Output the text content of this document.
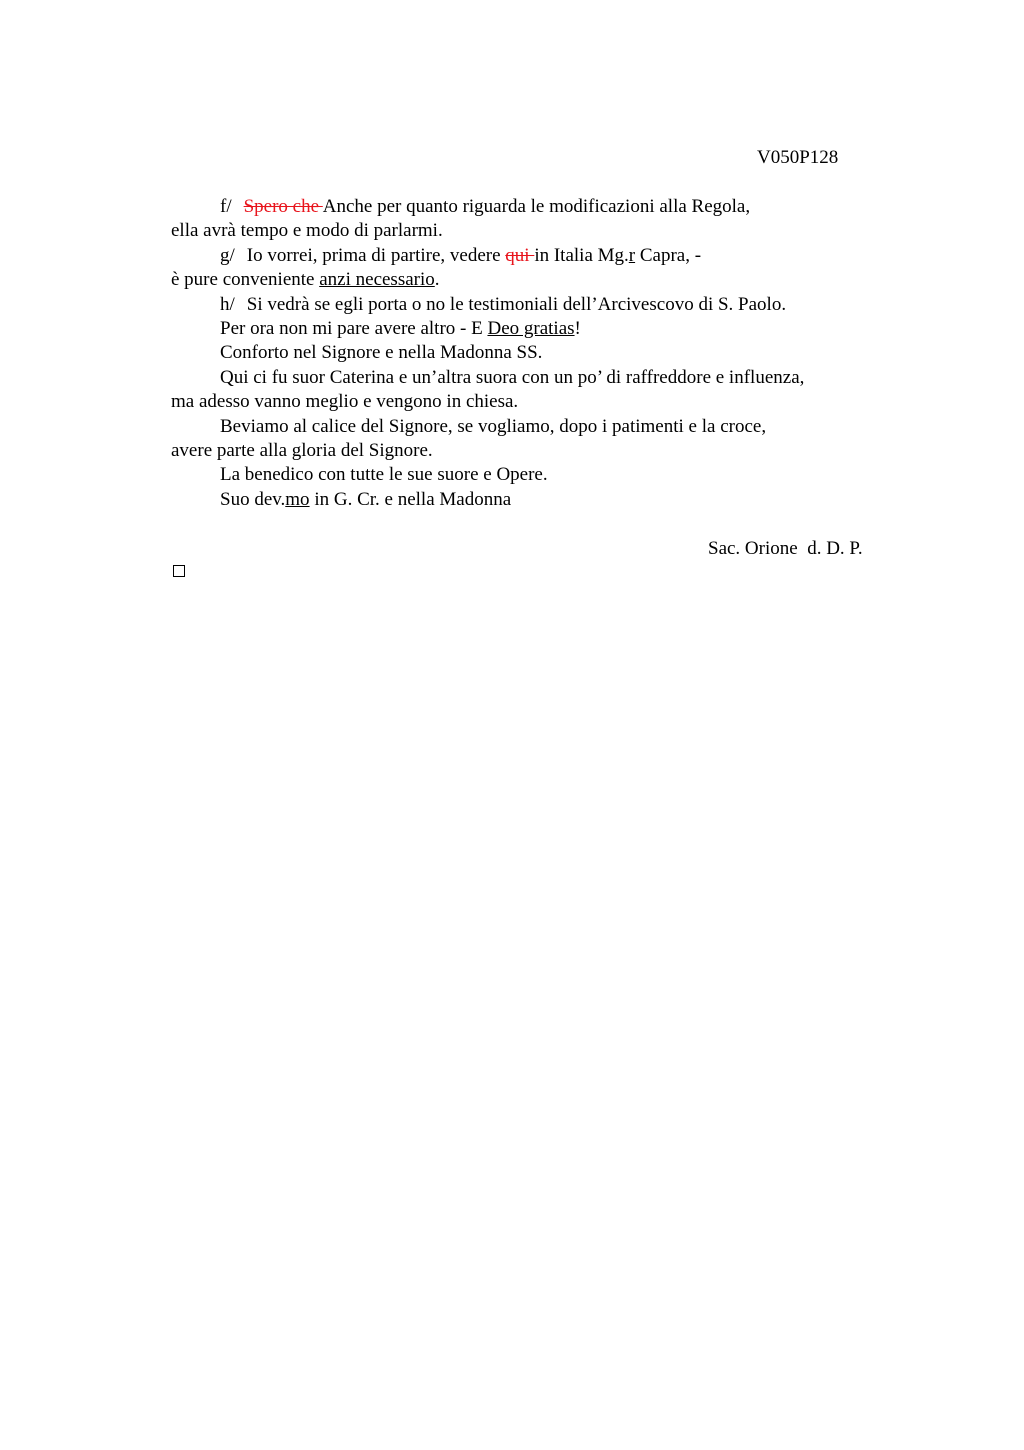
V050P128
f/ Spero che Anche per quanto riguarda le modificazioni alla Regola,
ella avrà tempo e modo di parlarmi.
g/ Io vorrei, prima di partire, vedere qui in Italia Mg.r Capra, -
è pure conveniente anzi necessario.
h/ Si vedrà se egli porta o no le testimoniali dell’Arcivescovo di S. Paolo.
Per ora non mi pare avere altro - E Deo gratias!
Conforto nel Signore e nella Madonna SS.
Qui ci fu suor Caterina e un’altra suora con un po’ di raffreddore e influenza,
ma adesso vanno meglio e vengono in chiesa.
Beviamo al calice del Signore, se vogliamo, dopo i patimenti e la croce,
avere parte alla gloria del Signore.
La benedico con tutte le sue suore e Opere.
Suo dev.mo in G. Cr. e nella Madonna
Sac. Orione  d. D. P.
